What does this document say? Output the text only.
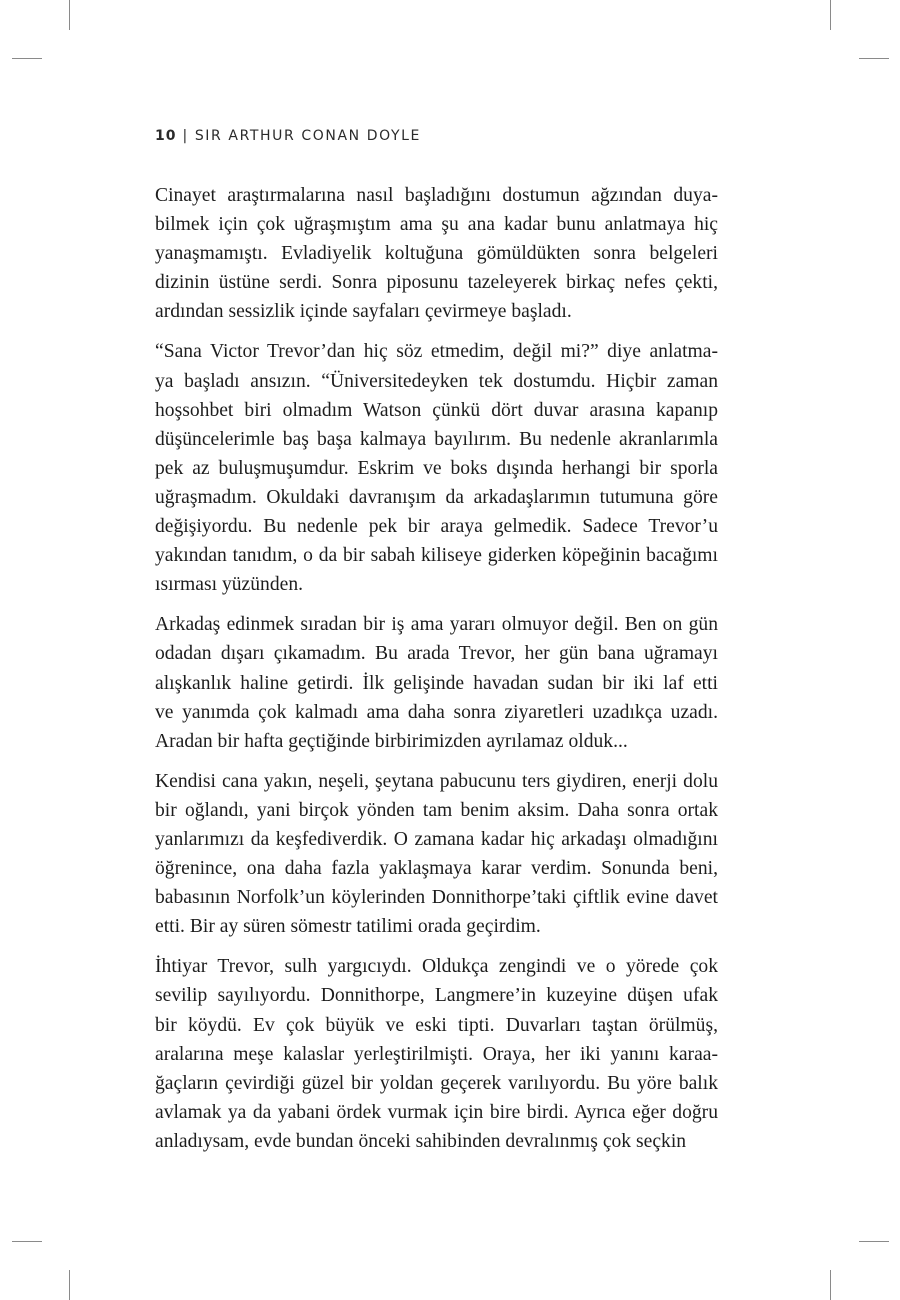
10 | SIR ARTHUR CONAN DOYLE

Cinayet araştırmalarına nasıl başladığını dostumun ağzından duya-
bilmek için çok uğraşmıştım ama şu ana kadar bunu anlatmaya hiç
yanaşmamıştı. Evladiyelik koltuğuna gömüldükten sonra belgeleri
dizinin üstüne serdi. Sonra piposunu tazeleyerek birkaç nefes çekti,
ardından sessizlik içinde sayfaları çevirmeye başladı.

“Sana Victor Trevor’dan hiç söz etmedim, değil mi?” diye anlatma-
ya başladı ansızın. “Üniversitedeyken tek dostumdu. Hiçbir zaman
hoşsohbet biri olmadım Watson çünkü dört duvar arasına kapanıp
düşüncelerimle baş başa kalmaya bayılırım. Bu nedenle akranlarımla
pek az buluşmuşumdur. Eskrim ve boks dışında herhangi bir sporla
uğraşmadım. Okuldaki davranışım da arkadaşlarımın tutumuna göre
değişiyordu. Bu nedenle pek bir araya gelmedik. Sadece Trevor’u
yakından tanıdım, o da bir sabah kiliseye giderken köpeğinin bacağımı
ısırması yüzünden.

Arkadaş edinmek sıradan bir iş ama yararı olmuyor değil. Ben on gün
odadan dışarı çıkamadım. Bu arada Trevor, her gün bana uğramayı
alışkanlık haline getirdi. İlk gelişinde havadan sudan bir iki laf etti
ve yanımda çok kalmadı ama daha sonra ziyaretleri uzadıkça uzadı.
Aradan bir hafta geçtiğinde birbirimizden ayrılamaz olduk...

Kendisi cana yakın, neşeli, şeytana pabucunu ters giydiren, enerji dolu
bir oğlandı, yani birçok yönden tam benim aksim. Daha sonra ortak
yanlarımızı da keşfediverdik. O zamana kadar hiç arkadaşı olmadığını
öğrenince, ona daha fazla yaklaşmaya karar verdim. Sonunda beni,
babasının Norfolk’un köylerinden Donnithorpe’taki çiftlik evine davet
etti. Bir ay süren sömestr tatilimi orada geçirdim.

İhtiyar Trevor, sulh yargıcıydı. Oldukça zengindi ve o yörede çok
sevilip sayılıyordu. Donnithorpe, Langmere’in kuzeyine düşen ufak
bir köydü. Ev çok büyük ve eski tipti. Duvarları taştan örülmüş,
aralarına meşe kalaslar yerleştirilmişti. Oraya, her iki yanını karaa-
ğaçların çevirdiği güzel bir yoldan geçerek varılıyordu. Bu yöre balık
avlamak ya da yabani ördek vurmak için bire birdi. Ayrıca eğer doğru
anladıysam, evde bundan önceki sahibinden devralınmış çok seçkin
